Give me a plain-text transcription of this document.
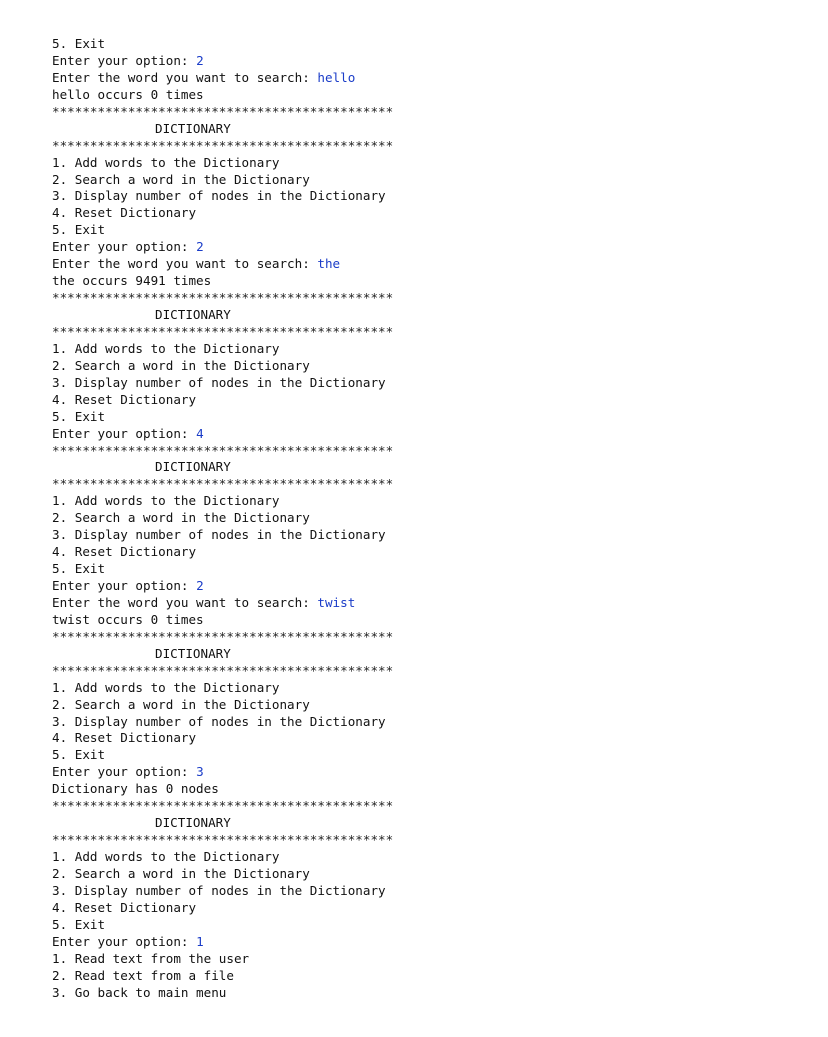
5. Exit
Enter your option: 2
Enter the word you want to search: hello
hello occurs 0 times
*********************************************
DICTIONARY
*********************************************
1. Add words to the Dictionary
2. Search a word in the Dictionary
3. Display number of nodes in the Dictionary
4. Reset Dictionary
5. Exit
Enter your option: 2
Enter the word you want to search: the
the occurs 9491 times
*********************************************
DICTIONARY
*********************************************
1. Add words to the Dictionary
2. Search a word in the Dictionary
3. Display number of nodes in the Dictionary
4. Reset Dictionary
5. Exit
Enter your option: 4
*********************************************
DICTIONARY
*********************************************
1. Add words to the Dictionary
2. Search a word in the Dictionary
3. Display number of nodes in the Dictionary
4. Reset Dictionary
5. Exit
Enter your option: 2
Enter the word you want to search: twist
twist occurs 0 times
*********************************************
DICTIONARY
*********************************************
1. Add words to the Dictionary
2. Search a word in the Dictionary
3. Display number of nodes in the Dictionary
4. Reset Dictionary
5. Exit
Enter your option: 3
Dictionary has 0 nodes
*********************************************
DICTIONARY
*********************************************
1. Add words to the Dictionary
2. Search a word in the Dictionary
3. Display number of nodes in the Dictionary
4. Reset Dictionary
5. Exit
Enter your option: 1
1. Read text from the user
2. Read text from a file
3. Go back to main menu
